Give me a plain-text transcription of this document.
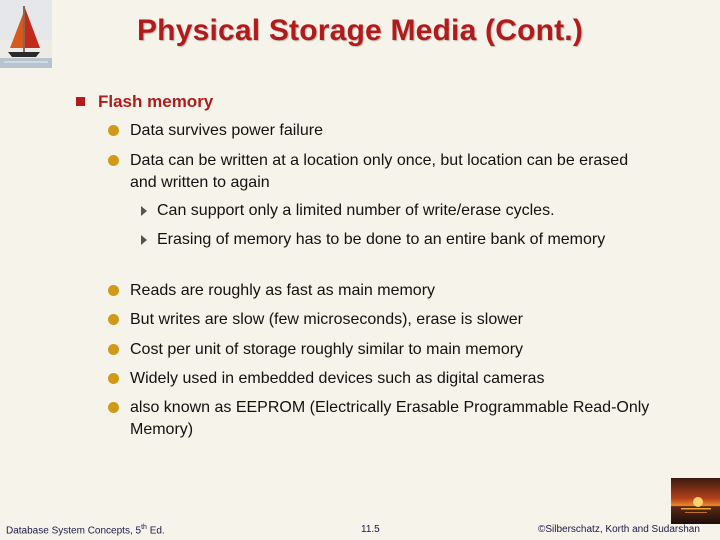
Physical Storage Media (Cont.)
Flash memory
Data survives power failure
Data can be written at a location only once, but location can be erased and written to again
Can support only a limited number of write/erase cycles.
Erasing of memory has to be done to an entire bank of memory
Reads are roughly as fast as main memory
But writes are slow (few microseconds), erase is slower
Cost per unit of storage roughly similar to main memory
Widely used in embedded devices such as digital cameras
also known as EEPROM (Electrically Erasable Programmable Read-Only Memory)
Database System Concepts, 5th Ed.	11.5	©Silberschatz, Korth and Sudarshan
